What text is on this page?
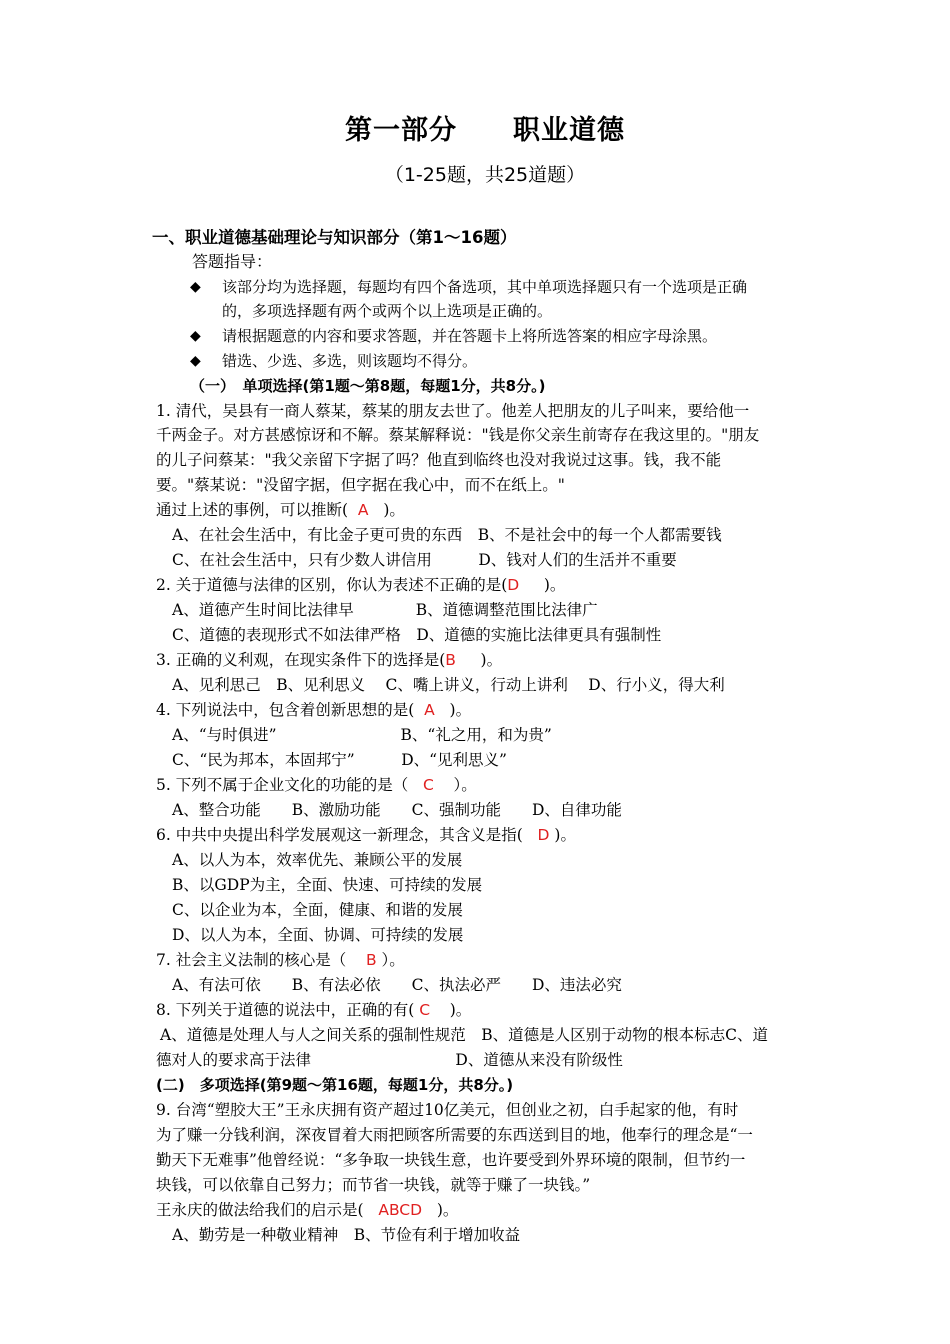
第一部分　　职业道德
（1-25题，共25道题）
一、职业道德基础理论与知识部分（第1～16题）
答题指导：
◆ 该部分均为选择题，每题均有四个备选项，其中单项选择题只有一个选项是正确
的，多项选择题有两个或两个以上选项是正确的。
◆ 请根据题意的内容和要求答题，并在答题卡上将所选答案的相应字母涂黑。
◆ 错选、少选、多选，则该题均不得分。
（一）　单项选择(第1题～第8题，每题1分，共8分。)
1. 清代，吴县有一商人蔡某，蔡某的朋友去世了。他差人把朋友的儿子叫来，要给他一
千两金子。对方甚感惊讶和不解。蔡某解释说："钱是你父亲生前寄存在我这里的。"朋友
的儿子问蔡某："我父亲留下字据了吗？他直到临终也没对我说过这事。钱，我不能
要。"蔡某说："没留字据，但字据在我心中，而不在纸上。"
通过上述的事例，可以推断( A )。
A、在社会生活中，有比金子更可贵的东西　B、不是社会中的每一个人都需要钱
C、在社会生活中，只有少数人讲信用　　　D、钱对人们的生活并不重要
2. 关于道德与法律的区别，你认为表述不正确的是(D )。
A、道德产生时间比法律早　　　　B、道德调整范围比法律广
C、道德的表现形式不如法律严格　D、道德的实施比法律更具有强制性
3. 正确的义利观，在现实条件下的选择是(B )。
A、见利思己　B、见利思义　 C、嘴上讲义，行动上讲利　 D、行小义，得大利
4. 下列说法中，包含着创新思想的是( A )。
A、“与时俱进”　　　　　　　　B、“礼之用，和为贵”
C、“民为邦本，本固邦宁”　　　D、“见利思义”
5. 下列不属于企业文化的功能的是（ C ）。
A、整合功能　　B、激励功能　　C、强制功能　　D、自律功能
6. 中共中央提出科学发展观这一新理念，其含义是指( D )。
A、以人为本，效率优先、兼顾公平的发展
B、以GDP为主，全面、快速、可持续的发展
C、以企业为本，全面，健康、和谐的发展
D、以人为本，全面、协调、可持续的发展
7. 社会主义法制的核心是（ B ）。
A、有法可依　　B、有法必依　　C、执法必严　　D、违法必究
8. 下列关于道德的说法中，正确的有( C )。
A、道德是处理人与人之间关系的强制性规范　B、道德是人区别于动物的根本标志C、道
德对人的要求高于法律　　　　　　　　　 D、道德从来没有阶级性
(二)　多项选择(第9题～第16题，每题1分，共8分。)
9. 台湾“塑胶大王”王永庆拥有资产超过10亿美元，但创业之初，白手起家的他，有时
为了赚一分钱利润，深夜冒着大雨把顾客所需要的东西送到目的地，他奉行的理念是“一
勤天下无难事”他曾经说：“多争取一块钱生意，也许要受到外界环境的限制，但节约一
块钱，可以依靠自己努力；而节省一块钱，就等于赚了一块钱。”
王永庆的做法给我们的启示是( ABCD )。
A、勤劳是一种敬业精神　B、节俭有利于增加收益
